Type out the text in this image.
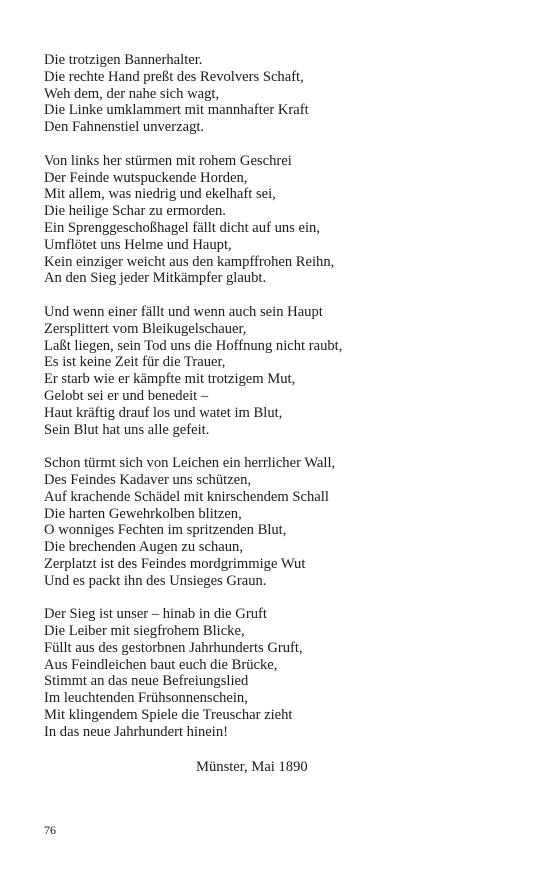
Die trotzigen Bannerhalter.
Die rechte Hand preßt des Revolvers Schaft,
Weh dem, der nahe sich wagt,
Die Linke umklammert mit mannhafter Kraft
Den Fahnenstiel unverzagt.
Von links her stürmen mit rohem Geschrei
Der Feinde wutspuckende Horden,
Mit allem, was niedrig und ekelhaft sei,
Die heilige Schar zu ermorden.
Ein Sprenggeschoßhagel fällt dicht auf uns ein,
Umflötet uns Helme und Haupt,
Kein einziger weicht aus den kampffrohen Reihn,
An den Sieg jeder Mitkämpfer glaubt.
Und wenn einer fällt und wenn auch sein Haupt
Zersplittert vom Bleikugelschauer,
Laßt liegen, sein Tod uns die Hoffnung nicht raubt,
Es ist keine Zeit für die Trauer,
Er starb wie er kämpfte mit trotzigem Mut,
Gelobt sei er und benedeit –
Haut kräftig drauf los und watet im Blut,
Sein Blut hat uns alle gefeit.
Schon türmt sich von Leichen ein herrlicher Wall,
Des Feindes Kadaver uns schützen,
Auf krachende Schädel mit knirschendem Schall
Die harten Gewehrkolben blitzen,
O wonniges Fechten im spritzenden Blut,
Die brechenden Augen zu schaun,
Zerplatzt ist des Feindes mordgrimmige Wut
Und es packt ihn des Unsieges Graun.
Der Sieg ist unser – hinab in die Gruft
Die Leiber mit siegfrohem Blicke,
Füllt aus des gestorbnen Jahrhunderts Gruft,
Aus Feindleichen baut euch die Brücke,
Stimmt an das neue Befreiungslied
Im leuchtenden Frühsonnenschein,
Mit klingendem Spiele die Treuschar zieht
In das neue Jahrhundert hinein!
Münster, Mai 1890
76
